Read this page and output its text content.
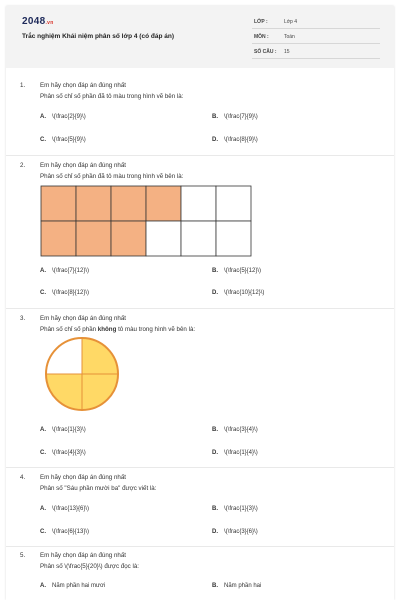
2048.vn
Trắc nghiệm Khái niệm phân số lớp 4 (có đáp án)
LỚP :	Lớp 4
MÔN :	Toán
SỐ CÂU : 15
1. Em hãy chọn đáp án đúng nhất
Phân số chỉ số phần đã tô màu trong hình vẽ bên là:
A. \(\frac{2}{9}\)	B. \(\frac{7}{9}\)
C. \(\frac{5}{9}\)	D. \(\frac{8}{9}\)
2. Em hãy chọn đáp án đúng nhất
Phân số chỉ số phần đã tô màu trong hình vẽ bên là:
A. \(\frac{7}{12}\)	B. \(\frac{5}{12}\)
C. \(\frac{8}{12}\)	D. \(\frac{10}{12}\)
3. Em hãy chọn đáp án đúng nhất
Phân số chỉ số phần không tô màu trong hình vẽ bên là:
A. \(\frac{1}{3}\)	B. \(\frac{3}{4}\)
C. \(\frac{4}{3}\)	D. \(\frac{1}{4}\)
4. Em hãy chọn đáp án đúng nhất
Phân số "Sáu phần mười ba" được viết là:
A. \(\frac{13}{6}\)	B. \(\frac{1}{3}\)
C. \(\frac{6}{13}\)	D. \(\frac{3}{6}\)
5. Em hãy chọn đáp án đúng nhất
Phân số \(\frac{5}{20}\) được đọc là:
A. Năm phần hai mươi	B. Năm phần hai
